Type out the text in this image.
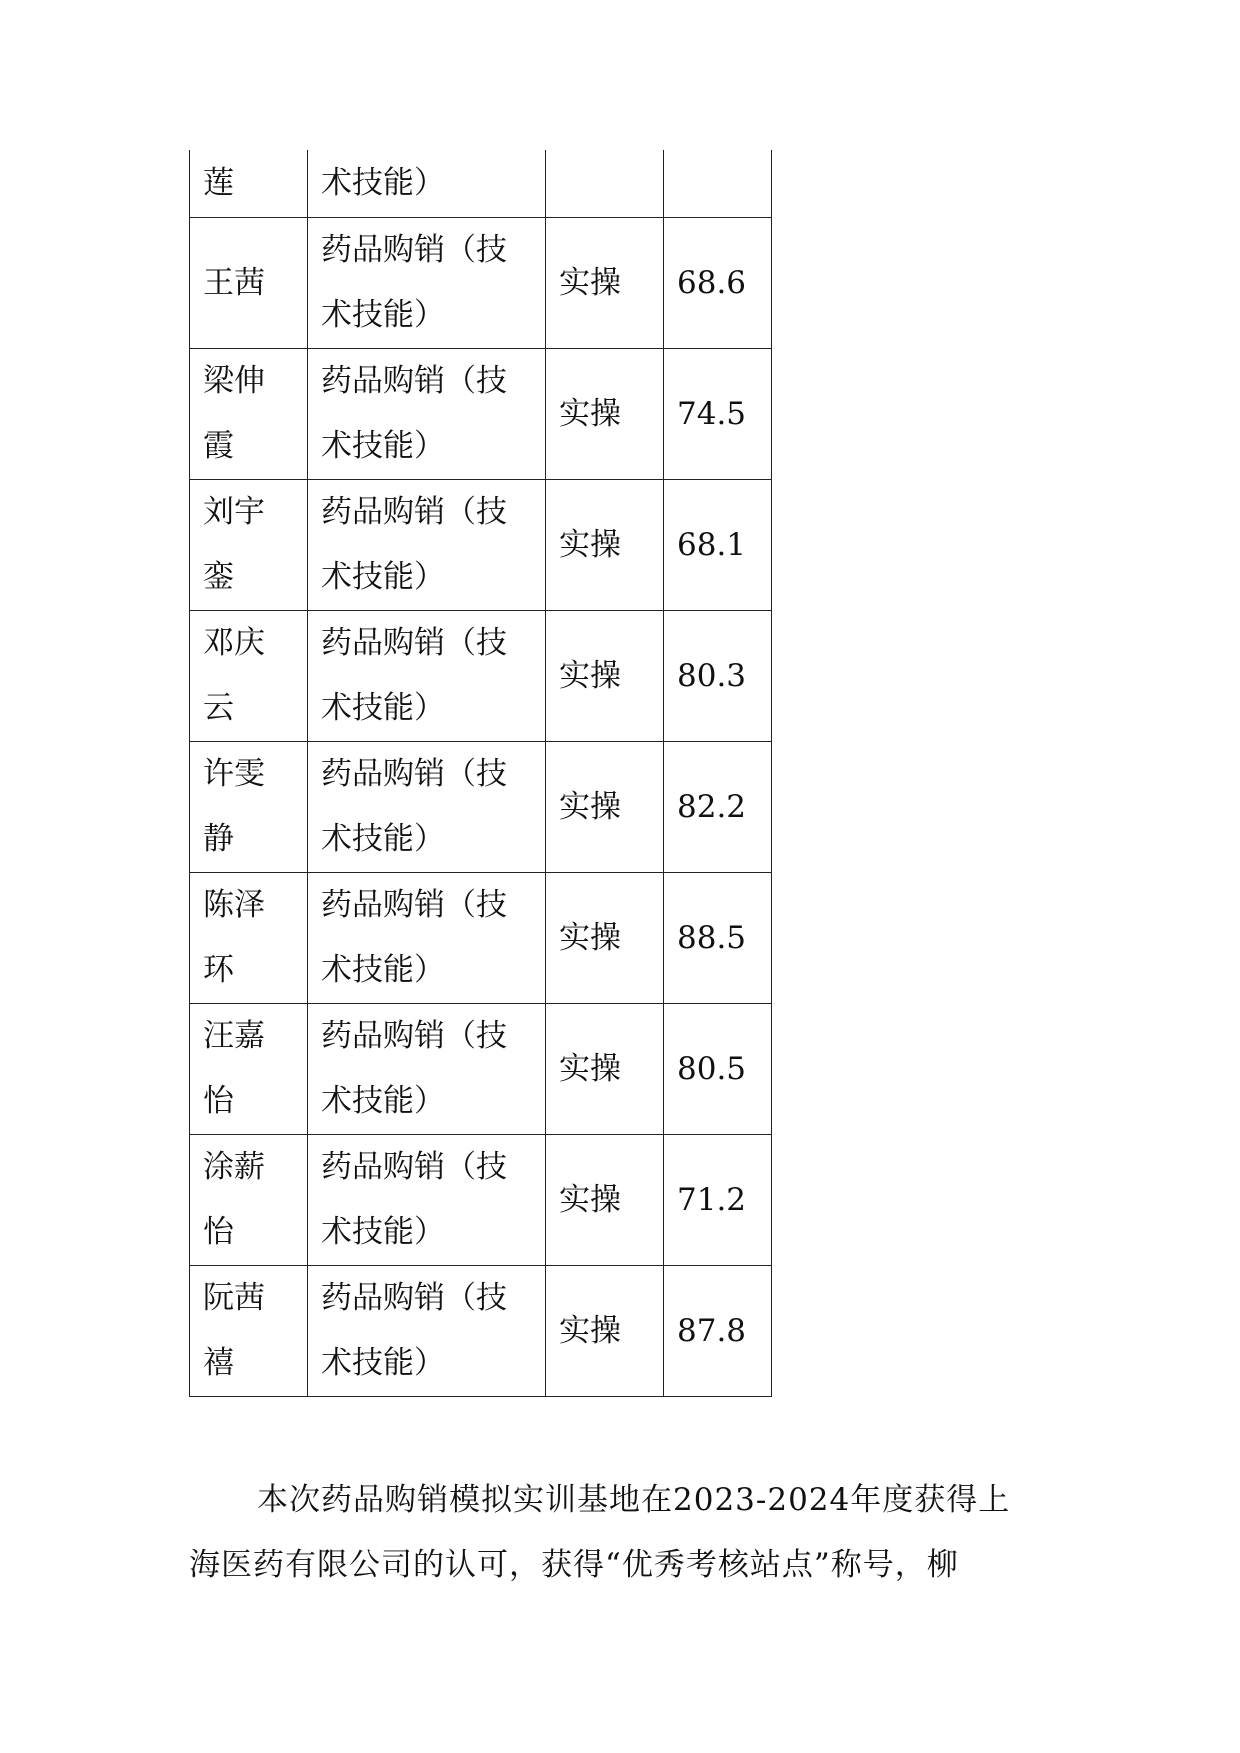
莲	术技能）		
王茜	药品购销（技术技能）	实操	68.6
梁伸霞	药品购销（技术技能）	实操	74.5
刘宇銮	药品购销（技术技能）	实操	68.1
邓庆云	药品购销（技术技能）	实操	80.3
许雯静	药品购销（技术技能）	实操	82.2
陈泽环	药品购销（技术技能）	实操	88.5
汪嘉怡	药品购销（技术技能）	实操	80.5
涂薪怡	药品购销（技术技能）	实操	71.2
阮茜禧	药品购销（技术技能）	实操	87.8

本次药品购销模拟实训基地在2023-2024年度获得上海医药有限公司的认可，获得“优秀考核站点”称号，柳
